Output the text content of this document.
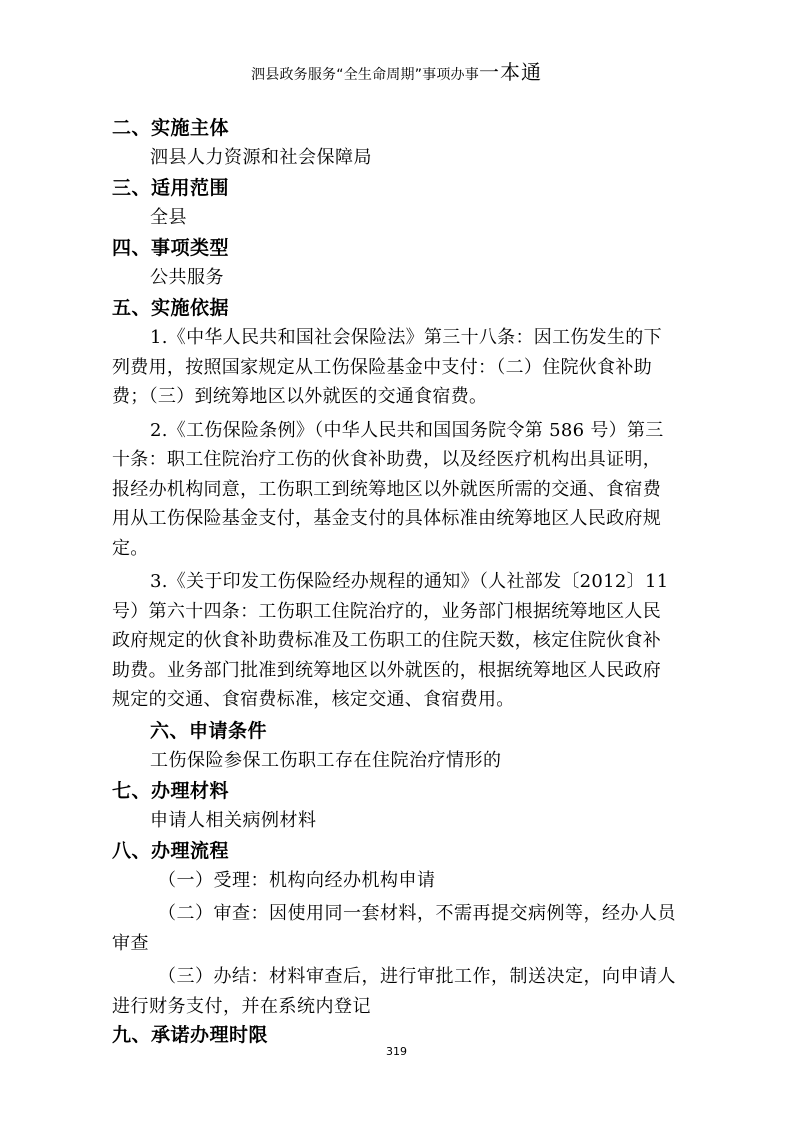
泗县政务服务“全生命周期”事项办事一本通
二、实施主体
泗县人力资源和社会保障局
三、适用范围
全县
四、事项类型
公共服务
五、实施依据
1.《中华人民共和国社会保险法》第三十八条：因工伤发生的下
列费用，按照国家规定从工伤保险基金中支付：（二）住院伙食补助
费；（三）到统筹地区以外就医的交通食宿费。
2.《工伤保险条例》（中华人民共和国国务院令第 586 号）第三
十条：职工住院治疗工伤的伙食补助费，以及经医疗机构出具证明，
报经办机构同意，工伤职工到统筹地区以外就医所需的交通、食宿费
用从工伤保险基金支付，基金支付的具体标准由统筹地区人民政府规
定。
3.《关于印发工伤保险经办规程的通知》（人社部发〔2012〕11
号）第六十四条：工伤职工住院治疗的，业务部门根据统筹地区人民
政府规定的伙食补助费标准及工伤职工的住院天数，核定住院伙食补
助费。业务部门批准到统筹地区以外就医的，根据统筹地区人民政府
规定的交通、食宿费标准，核定交通、食宿费用。
六、申请条件
工伤保险参保工伤职工存在住院治疗情形的
七、办理材料
申请人相关病例材料
八、办理流程
（一）受理：机构向经办机构申请
（二）审查：因使用同一套材料，不需再提交病例等，经办人员
审查
（三）办结：材料审查后，进行审批工作，制送决定，向申请人
进行财务支付，并在系统内登记
九、承诺办理时限
319
